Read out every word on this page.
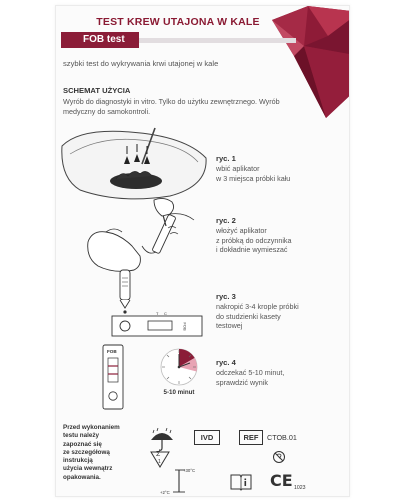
TEST KREW UTAJONA W KALE
FOB test
szybki test do wykrywania krwi utajonej w kale
SCHEMAT UŻYCIA
Wyrób do diagnostyki in vitro. Tylko do użytku zewnętrznego. Wyrób medyczny do samokontroli.
ryc. 1
wbić aplikator
w 3 miejsca próbki kału
ryc. 2
włożyć aplikator
z próbką do odczynnika
i dokładnie wymieszać
T C
FOB
ryc. 3
nakropić 3-4 krople próbki
do studzienki kasety
testowej
FOB
5-10 minut
ryc. 4
odczekać 5-10 minut,
sprawdzić wynik
Przed wykonaniem
testu należy
zapoznać się
ze szczegółową
instrukcją
użycia wewnątrz
opakowania.
IVD	REF	CTOB.01
Σ
1
+30°C
+2°C
CE 1023
